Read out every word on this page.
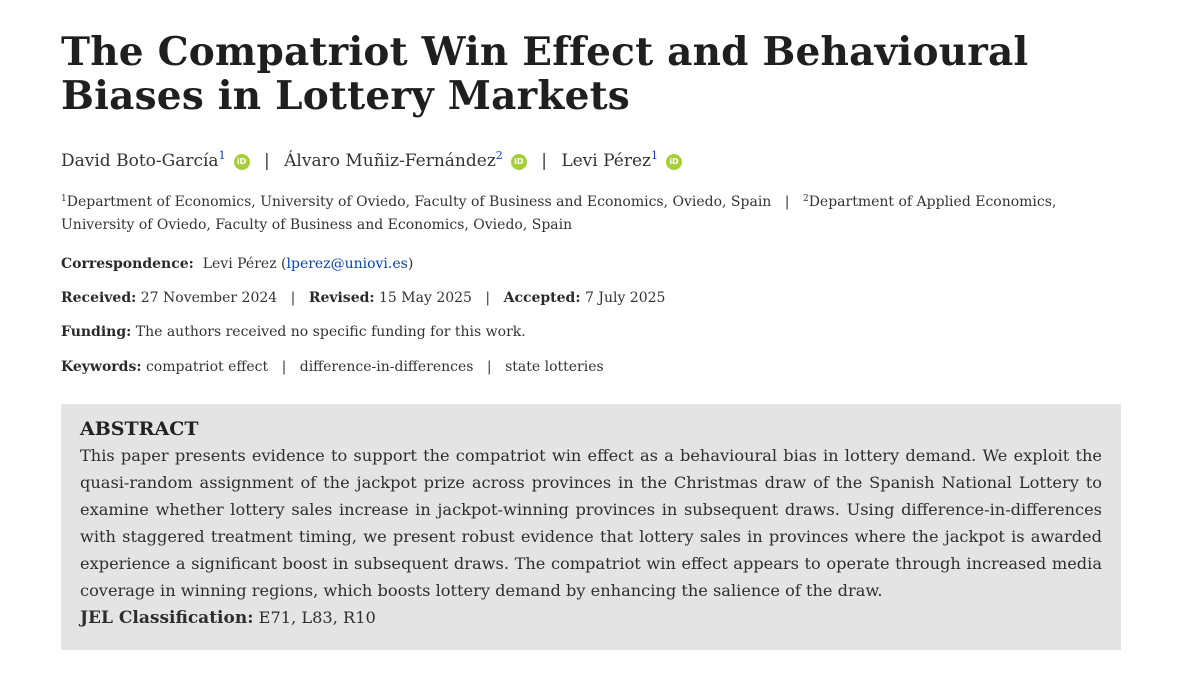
The Compatriot Win Effect and Behavioural Biases in Lottery Markets
David Boto-García$^1$ iD | Álvaro Muñiz-Fernández$^2$ iD | Levi Pérez$^1$ iD
$^1$Department of Economics, University of Oviedo, Faculty of Business and Economics, Oviedo, Spain | $^2$Department of Applied Economics, University of Oviedo, Faculty of Business and Economics, Oviedo, Spain
Correspondence: Levi Pérez (lperez@uniovi.es)
Received: 27 November 2024 | Revised: 15 May 2025 | Accepted: 7 July 2025
Funding: The authors received no specific funding for this work.
Keywords: compatriot effect | difference-in-differences | state lotteries

ABSTRACT

This paper presents evidence to support the compatriot win effect as a behavioural bias in lottery demand. We exploit the quasi-random assignment of the jackpot prize across provinces in the Christmas draw of the Spanish National Lottery to examine whether lottery sales increase in jackpot-winning provinces in subsequent draws. Using difference-in-differences with staggered treatment timing, we present robust evidence that lottery sales in provinces where the jackpot is awarded experience a significant boost in subsequent draws. The compatriot win effect appears to operate through increased media coverage in winning regions, which boosts lottery demand by enhancing the salience of the draw.

JEL Classification: E71, L83, R10
